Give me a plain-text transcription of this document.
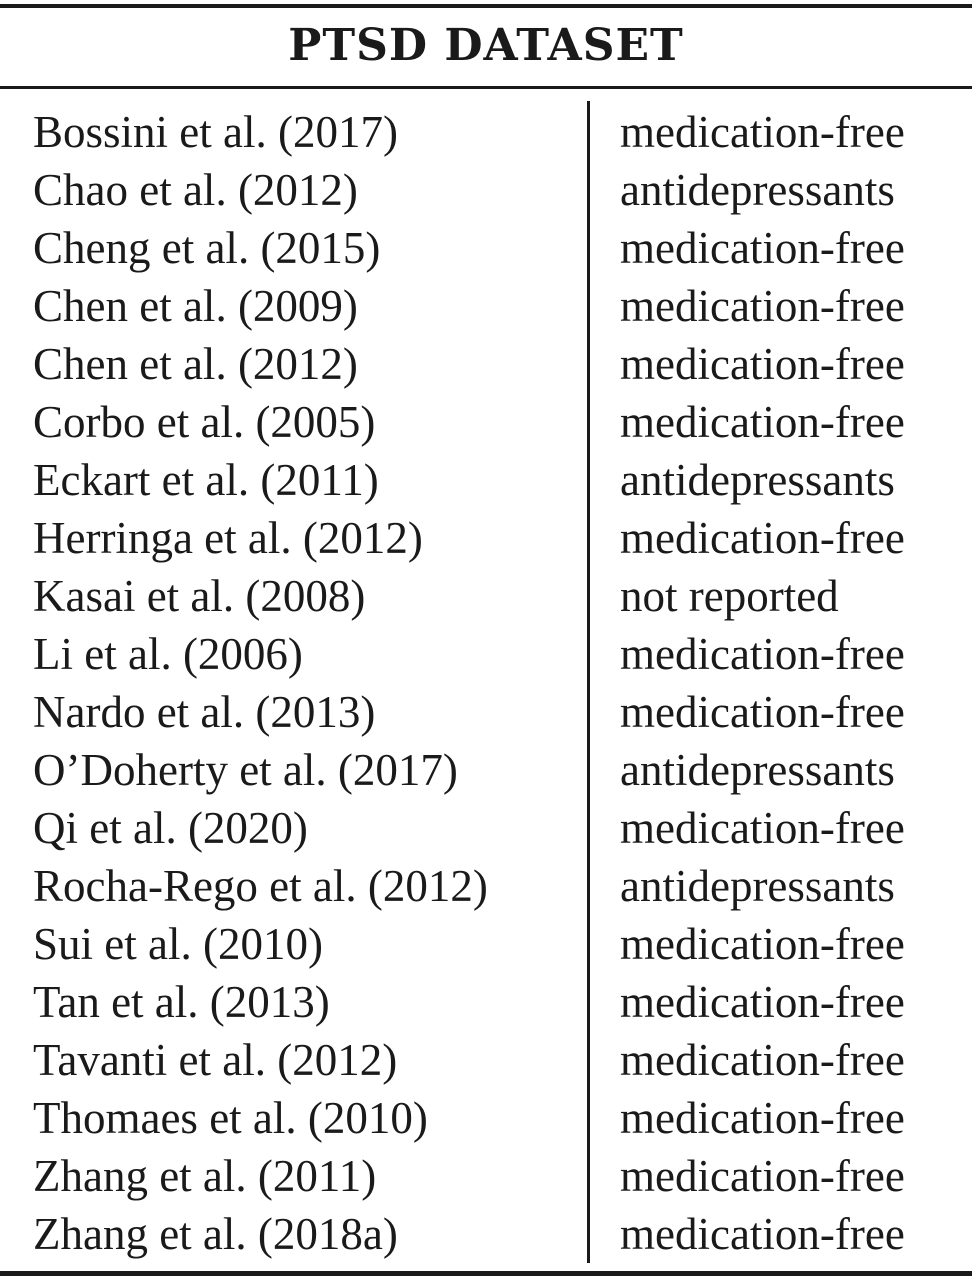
PTSD DATASET
Bossini et al. (2017)	medication-free
Chao et al. (2012)	antidepressants
Cheng et al. (2015)	medication-free
Chen et al. (2009)	medication-free
Chen et al. (2012)	medication-free
Corbo et al. (2005)	medication-free
Eckart et al. (2011)	antidepressants
Herringa et al. (2012)	medication-free
Kasai et al. (2008)	not reported
Li et al. (2006)	medication-free
Nardo et al. (2013)	medication-free
O’Doherty et al. (2017)	antidepressants
Qi et al. (2020)	medication-free
Rocha-Rego et al. (2012)	antidepressants
Sui et al. (2010)	medication-free
Tan et al. (2013)	medication-free
Tavanti et al. (2012)	medication-free
Thomaes et al. (2010)	medication-free
Zhang et al. (2011)	medication-free
Zhang et al. (2018a)	medication-free
